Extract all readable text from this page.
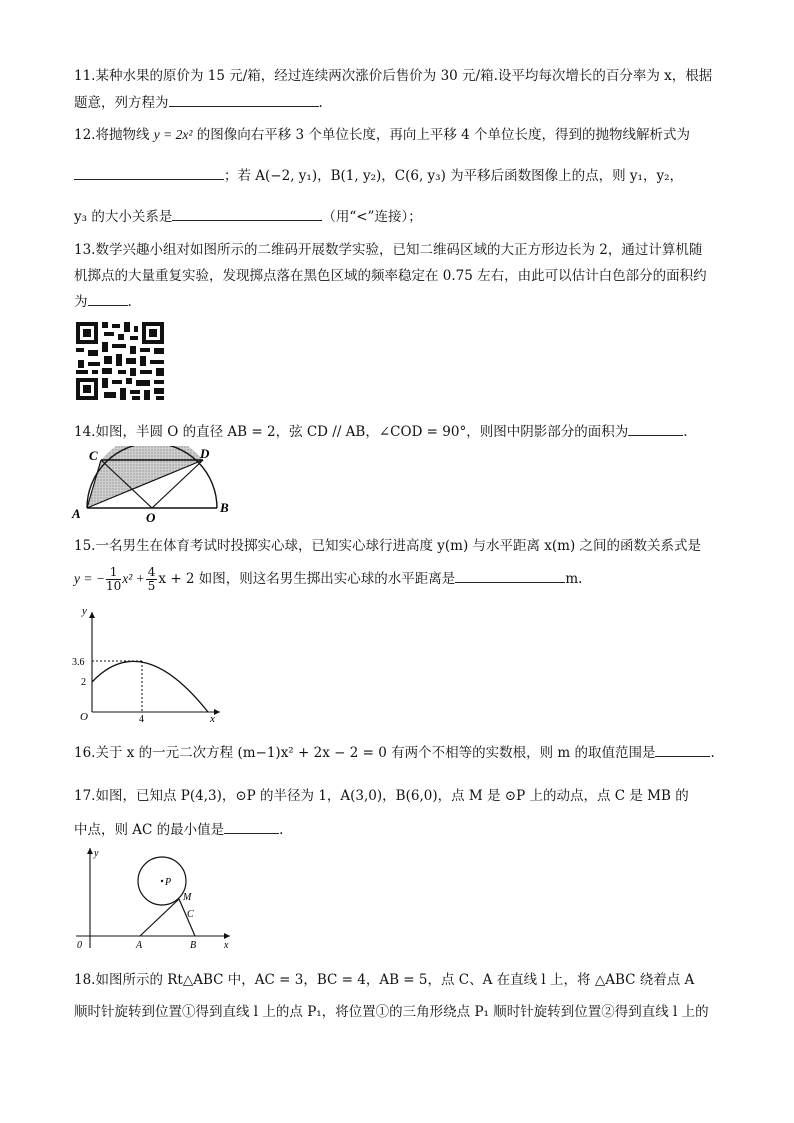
11.某种水果的原价为 15 元/箱，经过连续两次涨价后售价为 30 元/箱.设平均每次增长的百分率为 x，根据
题意，列方程为	.
12.将抛物线 y = 2x² 的图像向右平移 3 个单位长度，再向上平移 4 个单位长度，得到的抛物线解析式为
；若 A(−2, y₁)，B(1, y₂)，C(6, y₃) 为平移后函数图像上的点，则 y₁，y₂，
y₃ 的大小关系是	（用“<”连接）；
13.数学兴趣小组对如图所示的二维码开展数学实验，已知二维码区域的大正方形边长为 2，通过计算机随
机掷点的大量重复实验，发现掷点落在黑色区域的频率稳定在 0.75 左右，由此可以估计白色部分的面积约
为	.
14.如图，半圆 O 的直径 AB = 2，弦 CD // AB，∠COD = 90°，则图中阴影部分的面积为	.
A	B
C	D
O
15.一名男生在体育考试时投掷实心球，已知实心球行进高度 y(m) 与水平距离 x(m) 之间的函数关系式是
y = − $\frac{1}{10} x^2 + \frac{4}{5}$ x + 2 如图，则这名男生掷出实心球的水平距离是	m.
y
x
O
3.6
2
4
16.关于 x 的一元二次方程 (m−1)x² + 2x − 2 = 0 有两个不相等的实数根，则 m 的取值范围是	.
17.如图，已知点 P(4,3)，⊙P 的半径为 1，A(3,0)，B(6,0)，点 M 是 ⊙P 上的动点，点 C 是 MB 的
中点，则 AC 的最小值是	.
0
y
x
A	B
C
M
P
18.如图所示的 Rt△ABC 中，AC = 3，BC = 4，AB = 5，点 C、A 在直线 l 上，将 △ABC 绕着点 A
顺时针旋转到位置①得到直线 l 上的点 P₁，将位置①的三角形绕点 P₁ 顺时针旋转到位置②得到直线 l 上的
